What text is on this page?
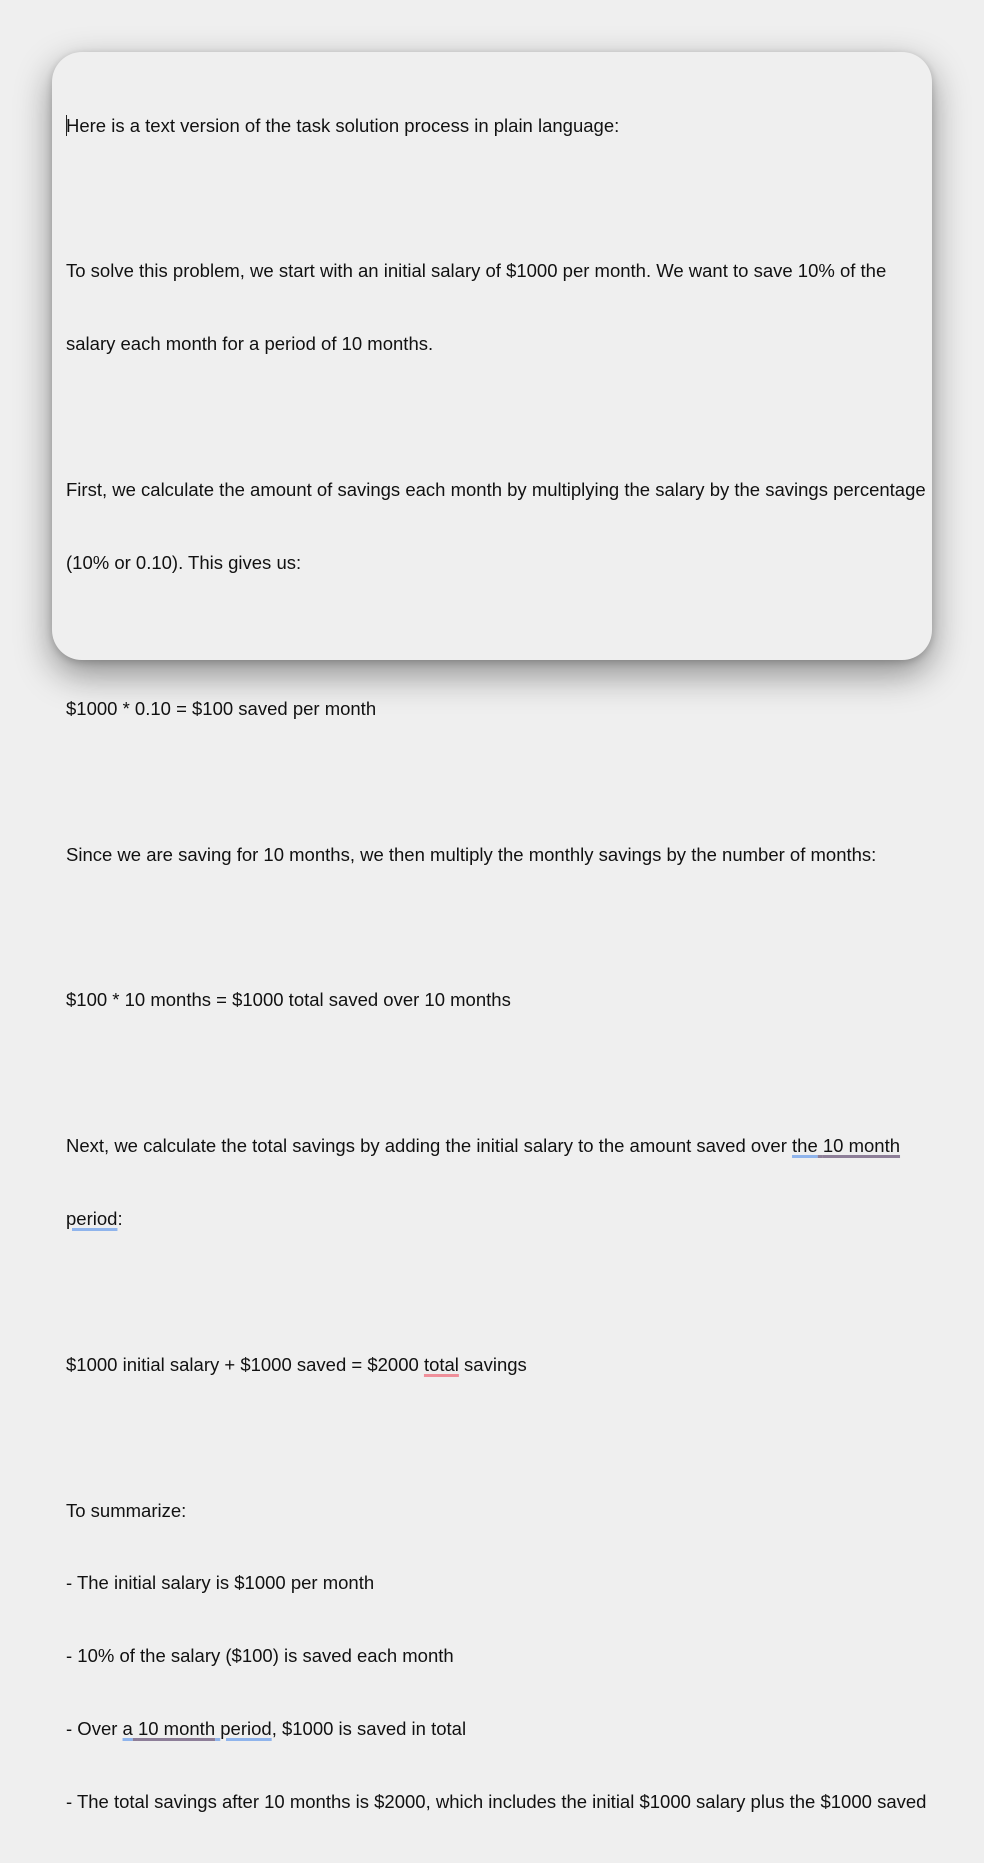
Here is a text version of the task solution process in plain language:

To solve this problem, we start with an initial salary of $1000 per month. We want to save 10% of the

salary each month for a period of 10 months.

First, we calculate the amount of savings each month by multiplying the salary by the savings percentage

(10% or 0.10). This gives us:

$1000 * 0.10 = $100 saved per month

Since we are saving for 10 months, we then multiply the monthly savings by the number of months:

$100 * 10 months = $1000 total saved over 10 months

Next, we calculate the total savings by adding the initial salary to the amount saved over the 10 month

period:

$1000 initial salary + $1000 saved = $2000 total savings

To summarize:

- The initial salary is $1000 per month

- 10% of the salary ($100) is saved each month

- Over a 10 month period, $1000 is saved in total

- The total savings after 10 months is $2000, which includes the initial $1000 salary plus the $1000 saved
